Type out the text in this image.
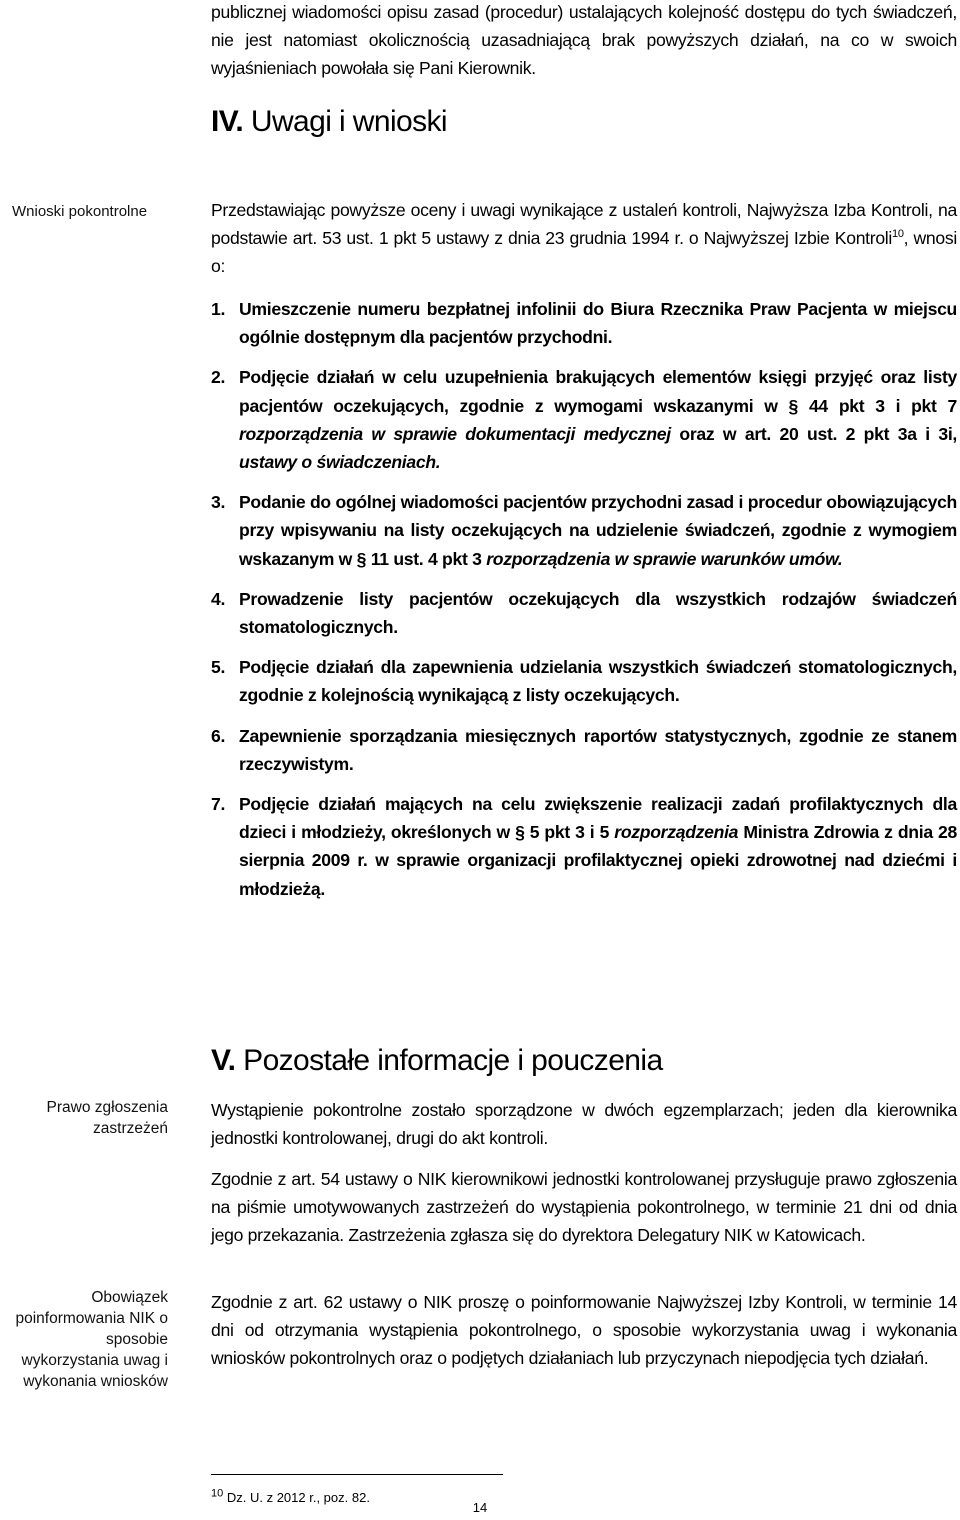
publicznej wiadomości opisu zasad (procedur) ustalających kolejność dostępu do tych świadczeń, nie jest natomiast okolicznością uzasadniającą brak powyższych działań, na co w swoich wyjaśnieniach powołała się Pani Kierownik.

IV. Uwagi i wnioski
Wnioski pokontrolne	Przedstawiając powyższe oceny i uwagi wynikające z ustaleń kontroli, Najwyższa Izba Kontroli, na podstawie art. 53 ust. 1 pkt 5 ustawy z dnia 23 grudnia 1994 r. o Najwyższej Izbie Kontroli$^{10}$, wnosi o:

1. Umieszczenie numeru bezpłatnej infolinii do Biura Rzecznika Praw Pacjenta w miejscu ogólnie dostępnym dla pacjentów przychodni.
2. Podjęcie działań w celu uzupełnienia brakujących elementów księgi przyjęć oraz listy pacjentów oczekujących, zgodnie z wymogami wskazanymi w § 44 pkt 3 i pkt 7 rozporządzenia w sprawie dokumentacji medycznej oraz w art. 20 ust. 2 pkt 3a i 3i, ustawy o świadczeniach.
3. Podanie do ogólnej wiadomości pacjentów przychodni zasad i procedur obowiązujących przy wpisywaniu na listy oczekujących na udzielenie świadczeń, zgodnie z wymogiem wskazanym w § 11 ust. 4 pkt 3 rozporządzenia w sprawie warunków umów.
4. Prowadzenie listy pacjentów oczekujących dla wszystkich rodzajów świadczeń stomatologicznych.
5. Podjęcie działań dla zapewnienia udzielania wszystkich świadczeń stomatologicznych, zgodnie z kolejnością wynikającą z listy oczekujących.
6. Zapewnienie sporządzania miesięcznych raportów statystycznych, zgodnie ze stanem rzeczywistym.
7. Podjęcie działań mających na celu zwiększenie realizacji zadań profilaktycznych dla dzieci i młodzieży, określonych w § 5 pkt 3 i 5 rozporządzenia Ministra Zdrowia z dnia 28 sierpnia 2009 r. w sprawie organizacji profilaktycznej opieki zdrowotnej nad dziećmi i młodzieżą.
V. Pozostałe informacje i pouczenia
Prawo zgłoszenia zastrzeżeń

Wystąpienie pokontrolne zostało sporządzone w dwóch egzemplarzach; jeden dla kierownika jednostki kontrolowanej, drugi do akt kontroli.

Zgodnie z art. 54 ustawy o NIK kierownikowi jednostki kontrolowanej przysługuje prawo zgłoszenia na piśmie umotywowanych zastrzeżeń do wystąpienia pokontrolnego, w terminie 21 dni od dnia jego przekazania. Zastrzeżenia zgłasza się do dyrektora Delegatury NIK w Katowicach.

Obowiązek poinformowania NIK o sposobie wykorzystania uwag i wykonania wniosków

Zgodnie z art. 62 ustawy o NIK proszę o poinformowanie Najwyższej Izby Kontroli, w terminie 14 dni od otrzymania wystąpienia pokontrolnego, o sposobie wykorzystania uwag i wykonania wniosków pokontrolnych oraz o podjętych działaniach lub przyczynach niepodjęcia tych działań.

$^{10}$ Dz. U. z 2012 r., poz. 82.
14
